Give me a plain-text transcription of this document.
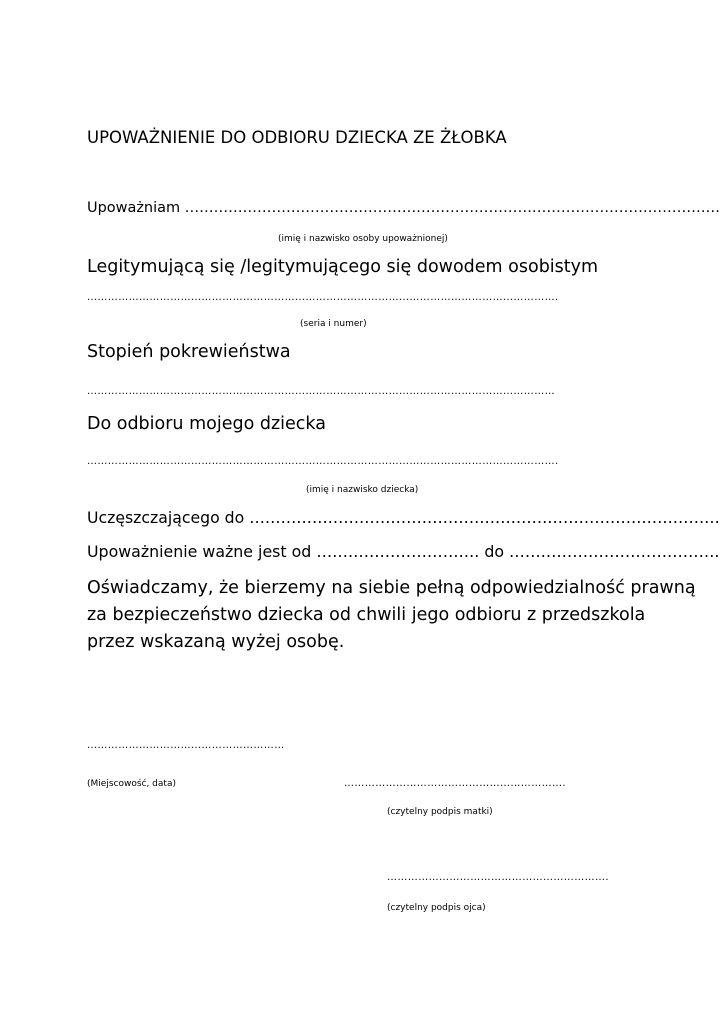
UPOWAŻNIENIE DO ODBIORU DZIECKA ZE ŻŁOBKA
Upoważniam …………………………………………………………………………………………………
(imię i nazwisko osoby upoważnionej)
Legitymującą się /legitymującego się dowodem osobistym
……………………………………………………………………………………………………………………….
(seria i numer)
Stopień pokrewieństwa
………………………………………………………………………………………………………………………
Do odbioru mojego dziecka
……………………………………………………………………………………………………………………….
(imię i nazwisko dziecka)
Uczęszczającego do ………………………………………………………………………………
Upoważnienie ważne jest od …………………………. do ………………………………….
Oświadczamy, że bierzemy na siebie pełną odpowiedzialność prawną
za bezpieczeństwo dziecka od chwili jego odbioru z przedszkola
przez wskazaną wyżej osobę.
…………………………………………………
(Miejscowość, data)	……………………………………………………….
(czytelny podpis matki)
……………………………………………………….
(czytelny podpis ojca)
